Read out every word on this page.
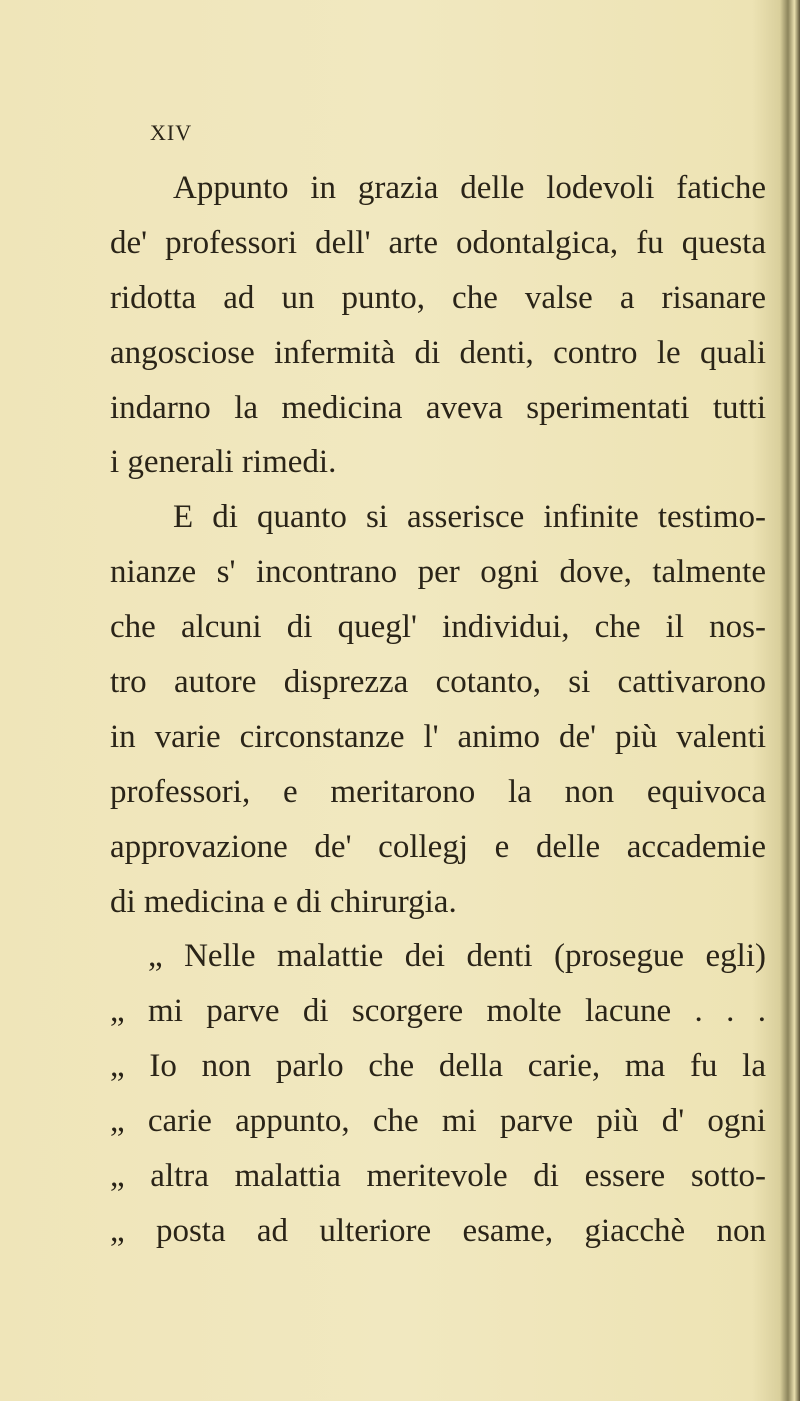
XIV
Appunto in grazia delle lodevoli fatiche
de' professori dell' arte odontalgica, fu questa
ridotta ad un punto, che valse a risanare
angosciose infermità di denti, contro le quali
indarno la medicina aveva sperimentati tutti
i generali rimedi.
E di quanto si asserisce infinite testimo-
nianze s' incontrano per ogni dove, talmente
che alcuni di quegl' individui, che il nos-
tro autore disprezza cotanto, si cattivarono
in varie circonstanze l' animo de' più valenti
professori, e meritarono la non equivoca
approvazione de' collegj e delle accademie
di medicina e di chirurgia.
„ Nelle malattie dei denti (prosegue egli)
„ mi parve di scorgere molte lacune . . .
„ Io non parlo che della carie, ma fu la
„ carie appunto, che mi parve più d' ogni
„ altra malattia meritevole di essere sotto-
„ posta ad ulteriore esame, giacchè non
